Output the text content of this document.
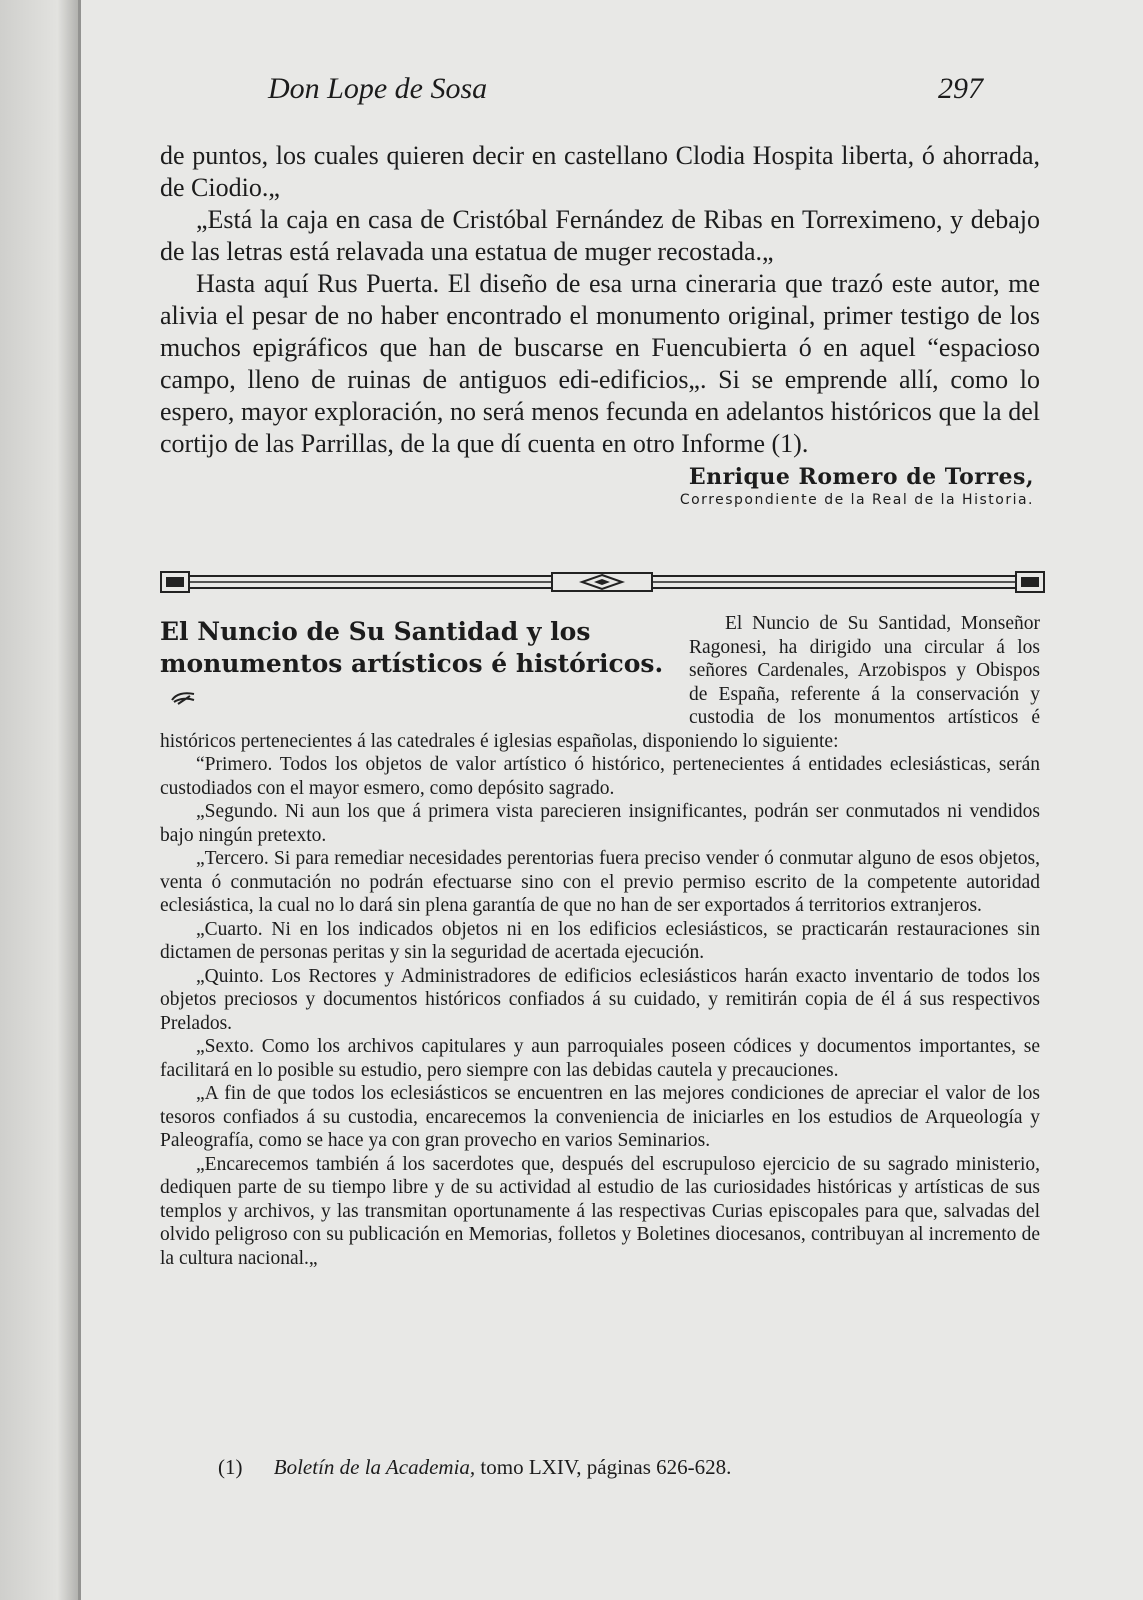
Don Lope de Sosa	297

de puntos, los cuales quieren decir en castellano Clodia Hospita liberta, ó ahorrada, de Ciodio.„

„Está la caja en casa de Cristóbal Fernández de Ribas en Torreximeno, y debajo de las letras está relavada una estatua de muger recostada.„

Hasta aquí Rus Puerta. El diseño de esa urna cineraria que trazó este autor, me alivia el pesar de no haber encontrado el monumento original, primer testigo de los muchos epigráficos que han de buscarse en Fuencubierta ó en aquel “espacioso campo, lleno de ruinas de antiguos edi-edificios„. Si se emprende allí, como lo espero, mayor exploración, no será menos fecunda en adelantos históricos que la del cortijo de las Parrillas, de la que dí cuenta en otro Informe (1).

Enrique Romero de Torres,
Correspondiente de la Real de la Historia.
El Nuncio de Su Santidad y los monumentos artísticos é históricos.

El Nuncio de Su Santidad, Monseñor Ragonesi, ha dirigido una circular á los señores Cardenales, Arzobispos y Obispos de España, referente á la conservación y custodia de los monumentos artísticos é históricos pertenecientes á las catedrales é iglesias españolas, disponiendo lo siguiente:

“Primero. Todos los objetos de valor artístico ó histórico, pertenecientes á entidades eclesiásticas, serán custodiados con el mayor esmero, como depósito sagrado.

„Segundo. Ni aun los que á primera vista parecieren insignificantes, podrán ser conmutados ni vendidos bajo ningún pretexto.

„Tercero. Si para remediar necesidades perentorias fuera preciso vender ó conmutar alguno de esos objetos, venta ó conmutación no podrán efectuarse sino con el previo permiso escrito de la competente autoridad eclesiástica, la cual no lo dará sin plena garantía de que no han de ser exportados á territorios extranjeros.

„Cuarto. Ni en los indicados objetos ni en los edificios eclesiásticos, se practicarán restauraciones sin dictamen de personas peritas y sin la seguridad de acertada ejecución.

„Quinto. Los Rectores y Administradores de edificios eclesiásticos harán exacto inventario de todos los objetos preciosos y documentos históricos confiados á su cuidado, y remitirán copia de él á sus respectivos Prelados.

„Sexto. Como los archivos capitulares y aun parroquiales poseen códices y documentos importantes, se facilitará en lo posible su estudio, pero siempre con las debidas cautela y precauciones.

„A fin de que todos los eclesiásticos se encuentren en las mejores condiciones de apreciar el valor de los tesoros confiados á su custodia, encarecemos la conveniencia de iniciarles en los estudios de Arqueología y Paleografía, como se hace ya con gran provecho en varios Seminarios.

„Encarecemos también á los sacerdotes que, después del escrupuloso ejercicio de su sagrado ministerio, dediquen parte de su tiempo libre y de su actividad al estudio de las curiosidades históricas y artísticas de sus templos y archivos, y las transmitan oportunamente á las respectivas Curias episcopales para que, salvadas del olvido peligroso con su publicación en Memorias, folletos y Boletines diocesanos, contribuyan al incremento de la cultura nacional.„

(1) Boletín de la Academia, tomo LXIV, páginas 626-628.
